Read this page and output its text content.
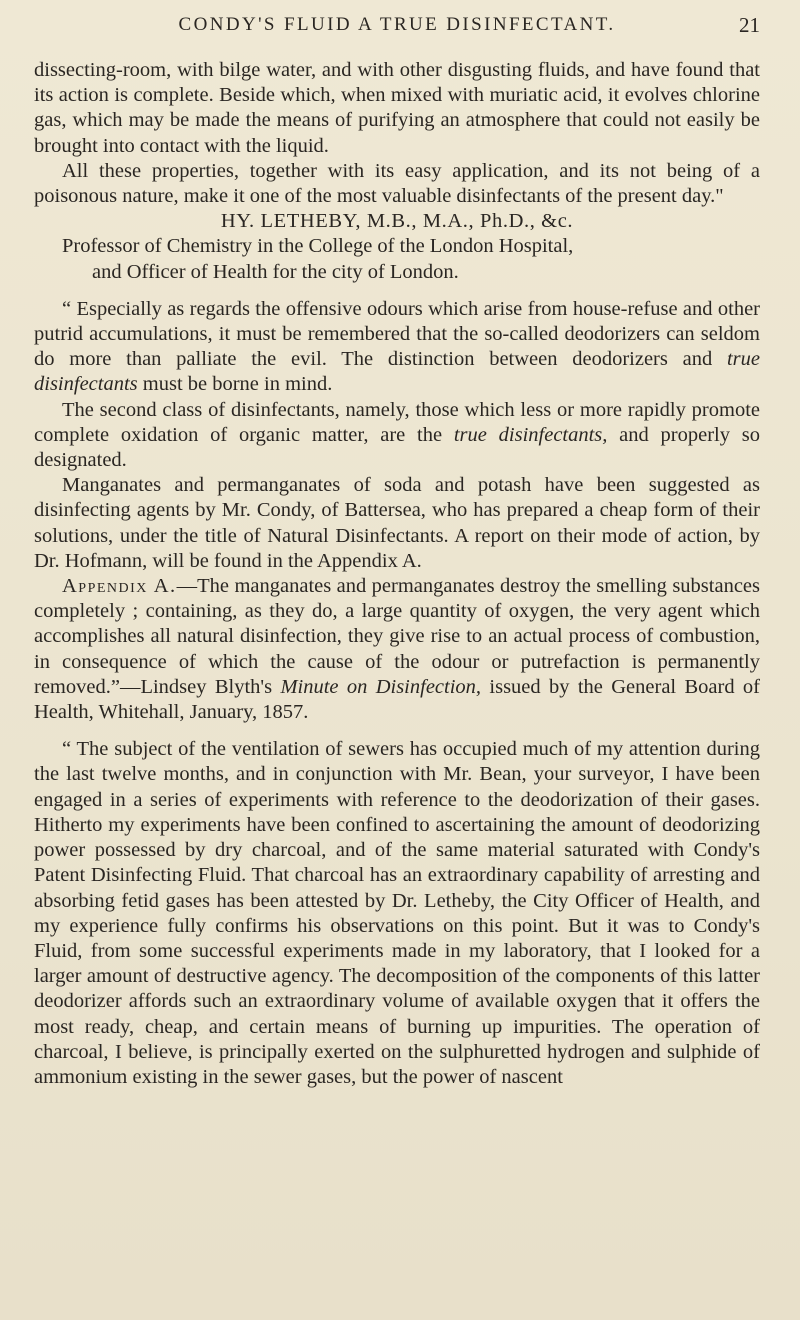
CONDY'S FLUID A TRUE DISINFECTANT.	21

dissecting-room, with bilge water, and with other disgusting fluids, and have found that its action is complete. Beside which, when mixed with muriatic acid, it evolves chlorine gas, which may be made the means of purifying an atmosphere that could not easily be brought into contact with the liquid.

All these properties, together with its easy application, and its not being of a poisonous nature, make it one of the most valuable disinfectants of the present day."

HY. LETHEBY, M.B., M.A., Ph.D., &c.

Professor of Chemistry in the College of the London Hospital,

and Officer of Health for the city of London.

“ Especially as regards the offensive odours which arise from house-refuse and other putrid accumulations, it must be remembered that the so-called deodorizers can seldom do more than palliate the evil. The distinction between deodorizers and true disinfectants must be borne in mind.

The second class of disinfectants, namely, those which less or more rapidly promote complete oxidation of organic matter, are the true disinfectants, and properly so designated.

Manganates and permanganates of soda and potash have been suggested as disinfecting agents by Mr. Condy, of Battersea, who has prepared a cheap form of their solutions, under the title of Natural Disinfectants. A report on their mode of action, by Dr. Hofmann, will be found in the Appendix A.

Appendix A.—The manganates and permanganates destroy the smelling substances completely ; containing, as they do, a large quantity of oxygen, the very agent which accomplishes all natural disinfection, they give rise to an actual process of combustion, in consequence of which the cause of the odour or putrefaction is permanently removed.”—Lindsey Blyth's Minute on Disinfection, issued by the General Board of Health, Whitehall, January, 1857.

“ The subject of the ventilation of sewers has occupied much of my attention during the last twelve months, and in conjunction with Mr. Bean, your surveyor, I have been engaged in a series of experiments with reference to the deodorization of their gases. Hitherto my experiments have been confined to ascertaining the amount of deodorizing power possessed by dry charcoal, and of the same material saturated with Condy's Patent Disinfecting Fluid. That charcoal has an extraordinary capability of arresting and absorbing fetid gases has been attested by Dr. Letheby, the City Officer of Health, and my experience fully confirms his observations on this point. But it was to Condy's Fluid, from some successful experiments made in my laboratory, that I looked for a larger amount of destructive agency. The decomposition of the components of this latter deodorizer affords such an extraordinary volume of available oxygen that it offers the most ready, cheap, and certain means of burning up impurities. The operation of charcoal, I believe, is principally exerted on the sulphuretted hydrogen and sulphide of ammonium existing in the sewer gases, but the power of nascent
